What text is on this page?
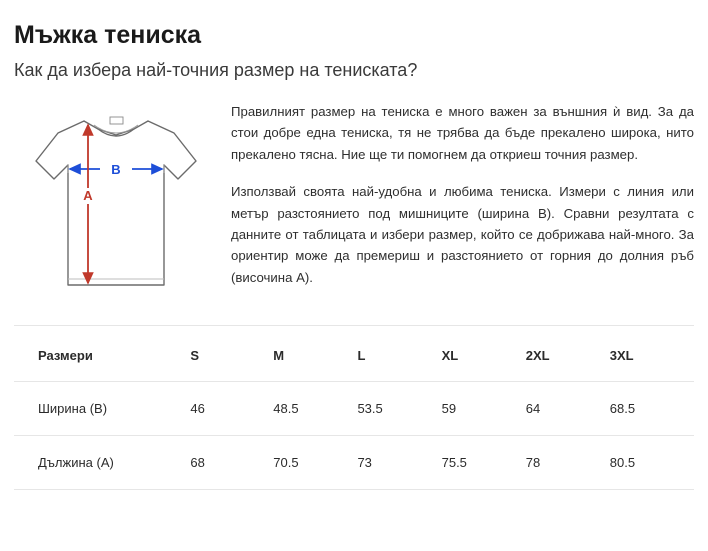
Мъжка тениска
Как да избера най-точния размер на тениската?
B
A

Правилният размер на тениска е много важен за външния ѝ вид. За да стои добре една тениска, тя не трябва да бъде прекалено широка, нито прекалено тясна. Ние ще ти помогнем да откриеш точния размер.

Използвай своята най-удобна и любима тениска. Измери с линия или метър разстоянието под мишниците (ширина B). Сравни резултата с данните от таблицата и избери размер, който се добрижава най-много. За ориентир може да премериш и разстоянието от горния до долния ръб (височина A).

Размери	S	M	L	XL	2XL	3XL
Ширина (B)	46	48.5	53.5	59	64	68.5
Дължина (A)	68	70.5	73	75.5	78	80.5
